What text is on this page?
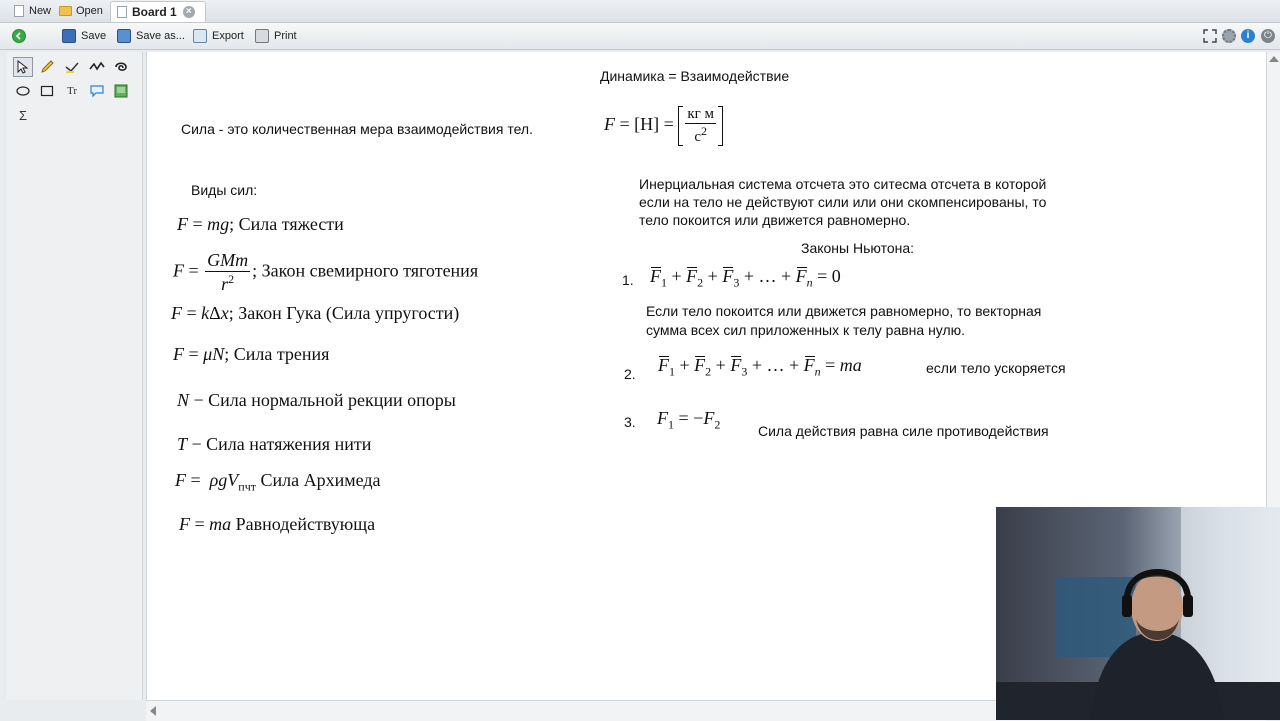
New Open Board 1 ×
Save	Save as... Export	Print	i	⏻
Tr
Σ
Сила - это количественная мера взаимодействия тел.
Виды сил:
F = mg; Сила тяжести
$F = \frac{\text{GMm}}{r^2}$ ; Закон свемирного тяготения
F = kΔx; Закон Гука (Сила упругости)
F = μN; Сила трения
N − Сила нормальной рекции опоры
T − Сила натяжения нити
F =  ρgV$_{пчт}$ Сила Архимеда
F = ma Равнодействующа
Динамика = Взаимодействие
$F = [Н] = \frac{\text{кг м}}{с^2}$
Инерциальная система отсчета это ситесма отсчета в которой
если на тело не действуют сили или они скомпенсированы, то
тело покоится или движется равномерно.
Законы Ньютона:
1. $F_1 + F_2 + F_3$ + … + $F_n = 0$
Если тело покоится или движется равномерно, то векторная
сумма всех сил приложенных к телу равна нулю.
2. $F_1 + F_2 + F_3$ + … + $F_n$ = ma	если тело ускоряется
3. $F_1 = -F_2$	Сила действия равна силе противодействия
